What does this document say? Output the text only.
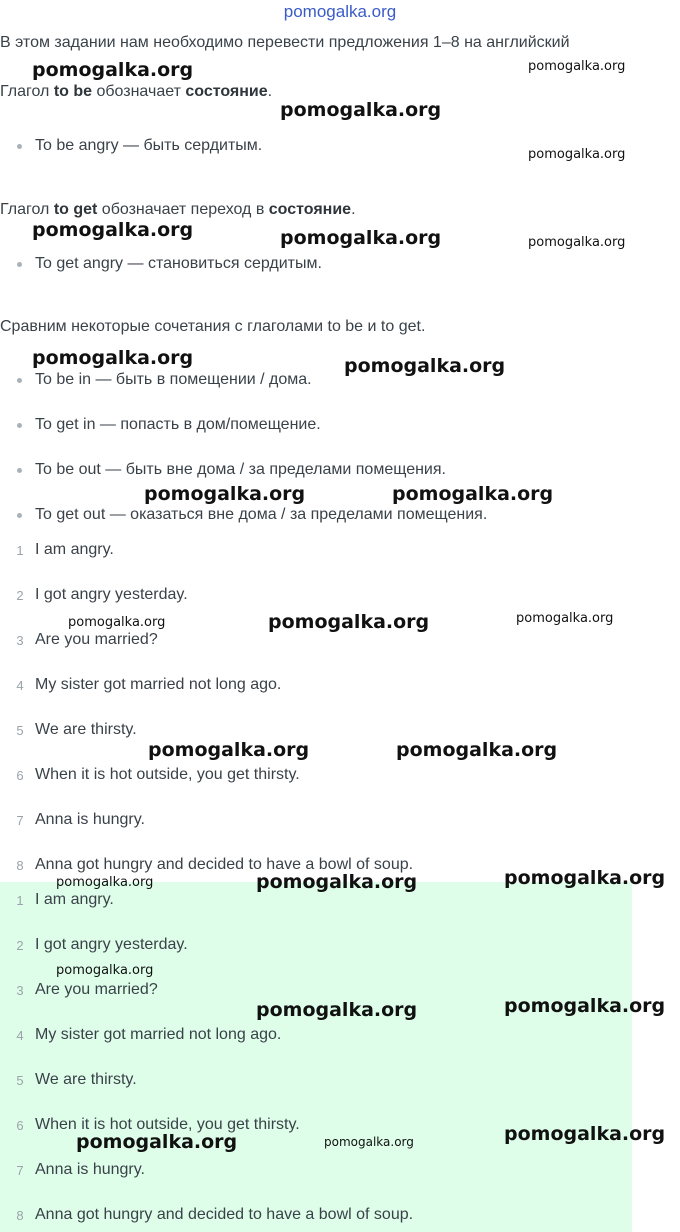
pomogalka.org
В этом задании нам необходимо перевести предложения 1–8 на английский
Глагол to be обозначает состояние.
To be angry — быть сердитым.
Глагол to get обозначает переход в состояние.
To get angry — становиться сердитым.
Сравним некоторые сочетания с глаголами to be и to get.
To be in — быть в помещении / дома.
To get in — попасть в дом/помещение.
To be out — быть вне дома / за пределами помещения.
To get out — оказаться вне дома / за пределами помещения.
1 I am angry.
2 I got angry yesterday.
3 Are you married?
4 My sister got married not long ago.
5 We are thirsty.
6 When it is hot outside, you get thirsty.
7 Anna is hungry.
8 Anna got hungry and decided to have a bowl of soup.
1 I am angry.
2 I got angry yesterday.
3 Are you married?
4 My sister got married not long ago.
5 We are thirsty.
6 When it is hot outside, you get thirsty.
7 Anna is hungry.
8 Anna got hungry and decided to have a bowl of soup.
pomogalka.org	pomogalka.org
pomogalka.org
pomogalka.org
pomogalka.org	pomogalka.org	pomogalka.org
pomogalka.org	pomogalka.org
pomogalka.org	pomogalka.org
pomogalka.org	pomogalka.org	pomogalka.org
pomogalka.org	pomogalka.org
pomogalka.org	pomogalka.org	pomogalka.org
pomogalka.org
pomogalka.org	pomogalka.org
pomogalka.org	pomogalka.org	pomogalka.org
